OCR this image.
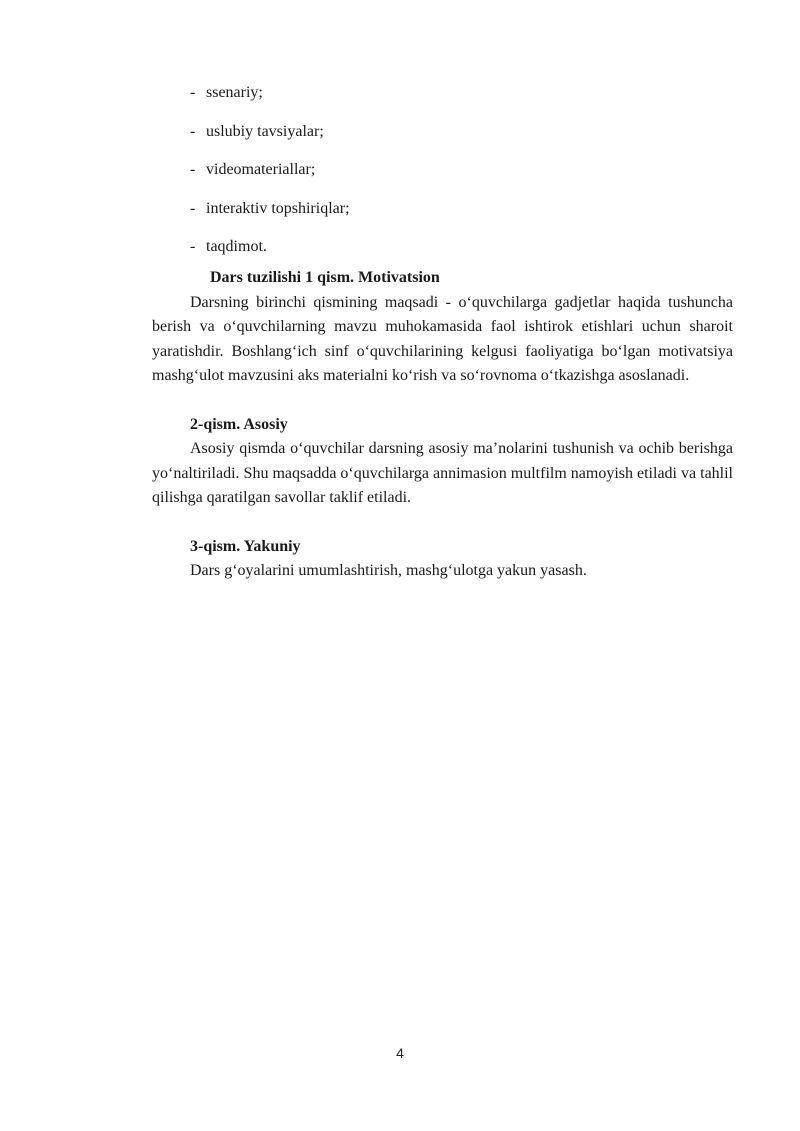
- ssenariy;
- uslubiy tavsiyalar;
- videomateriallar;
- interaktiv topshiriqlar;
- taqdimot.

Dars tuzilishi 1 qism. Motivatsion

Darsning birinchi qismining maqsadi - o‘quvchilarga gadjetlar haqida tushuncha berish va o‘quvchilarning mavzu muhokamasida faol ishtirok etishlari uchun sharoit yaratishdir. Boshlang‘ich sinf o‘quvchilarining kelgusi faoliyatiga bo‘lgan motivatsiya mashg‘ulot mavzusini aks materialni ko‘rish va so‘rovnoma o‘tkazishga asoslanadi.

2-qism. Asosiy

Asosiy qismda o‘quvchilar darsning asosiy ma’nolarini tushunish va ochib berishga yo‘naltiriladi. Shu maqsadda o‘quvchilarga annimasion multfilm namoyish etiladi va tahlil qilishga qaratilgan savollar taklif etiladi.

3-qism. Yakuniy

Dars g‘oyalarini umumlashtirish, mashg‘ulotga yakun yasash.

4
